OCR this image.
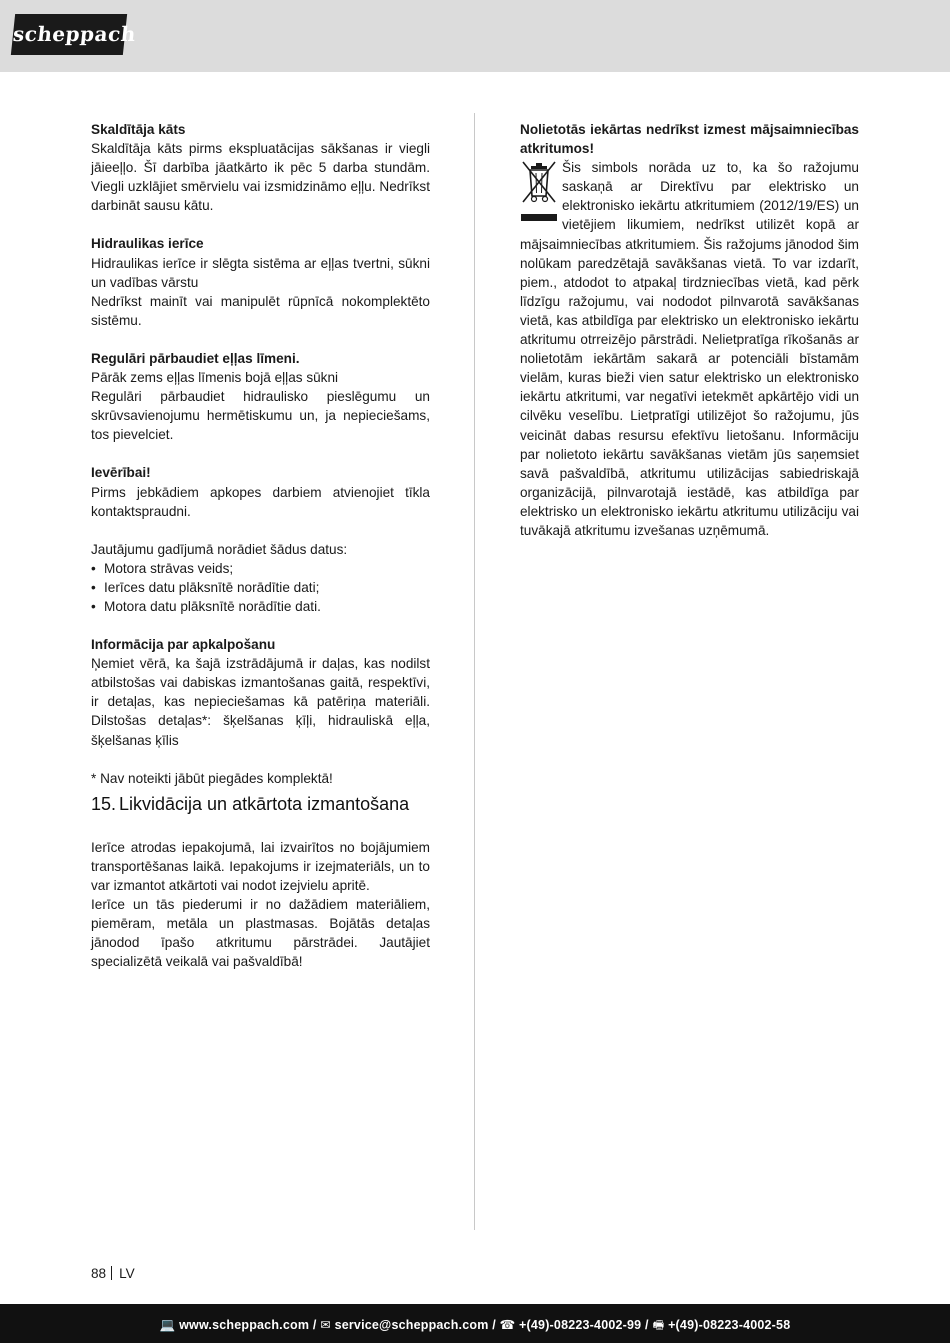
scheppach

Skaldītāja kāts

Skaldītāja kāts pirms ekspluatācijas sākšanas ir viegli jāieeļļo. Šī darbība jāatkārto ik pēc 5 darba stundām. Viegli uzklājiet smērvielu vai izsmidzināmo eļļu. Nedrīkst darbināt sausu kātu.

Hidraulikas ierīce

Hidraulikas ierīce ir slēgta sistēma ar eļļas tvertni, sūkni un vadības vārstu

Nedrīkst mainīt vai manipulēt rūpnīcā nokomplektēto sistēmu.

Regulāri pārbaudiet eļļas līmeni.

Pārāk zems eļļas līmenis bojā eļļas sūkni

Regulāri pārbaudiet hidraulisko pieslēgumu un skrūvsavienojumu hermētiskumu un, ja nepieciešams, tos pievelciet.

Ievērībai!

Pirms jebkādiem apkopes darbiem atvienojiet tīkla kontaktspraudni.

Jautājumu gadījumā norādiet šādus datus:

• Motora strāvas veids;
• Ierīces datu plāksnītē norādītie dati;
• Motora datu plāksnītē norādītie dati.

Informācija par apkalpošanu

Ņemiet vērā, ka šajā izstrādājumā ir daļas, kas nodilst atbilstošas vai dabiskas izmantošanas gaitā, respektīvi, ir detaļas, kas nepieciešamas kā patēriņa materiāli. Dilstošas detaļas*: šķelšanas ķīļi, hidrauliskā eļļa, šķelšanas ķīlis

* Nav noteikti jābūt piegādes komplektā!

15. Likvidācija un atkārtota izmantošana

Ierīce atrodas iepakojumā, lai izvairītos no bojājumiem transportēšanas laikā. Iepakojums ir izejmateriāls, un to var izmantot atkārtoti vai nodot izejvielu apritē.

Ierīce un tās piederumi ir no dažādiem materiāliem, piemēram, metāla un plastmasas. Bojātās detaļas jānodod īpašo atkritumu pārstrādei. Jautājiet specializētā veikalā vai pašvaldībā!

Nolietotās iekārtas nedrīkst izmest mājsaimniecības atkritumos!

Šis simbols norāda uz to, ka šo ražojumu saskaņā ar Direktīvu par elektrisko un elektronisko iekārtu atkritumiem (2012/19/ES) un vietējiem likumiem, nedrīkst utilizēt kopā ar mājsaimniecības atkritumiem. Šis ražojums jānodod šim nolūkam paredzētajā savākšanas vietā. To var izdarīt, piem., atdodot to atpakaļ tirdzniecības vietā, kad pērk līdzīgu ražojumu, vai nododot pilnvarotā savākšanas vietā, kas atbildīga par elektrisko un elektronisko iekārtu atkritumu otrreizējo pārstrādi. Nelietpratīga rīkošanās ar nolietotām iekārtām sakarā ar potenciāli bīstamām vielām, kuras bieži vien satur elektrisko un elektronisko iekārtu atkritumi, var negatīvi ietekmēt apkārtējo vidi un cilvēku veselību. Lietpratīgi utilizējot šo ražojumu, jūs veicināt dabas resursu efektīvu lietošanu. Informāciju par nolietoto iekārtu savākšanas vietām jūs saņemsiet savā pašvaldībā, atkritumu utilizācijas sabiedriskajā organizācijā, pilnvarotajā iestādē, kas atbildīga par elektrisko un elektronisko iekārtu atkritumu utilizāciju vai tuvākajā atkritumu izvešanas uzņēmumā.

88 LV
💻 www.scheppach.com / ✉ service@scheppach.com / ☎ +(49)-08223-4002-99 / 🖷 +(49)-08223-4002-58
